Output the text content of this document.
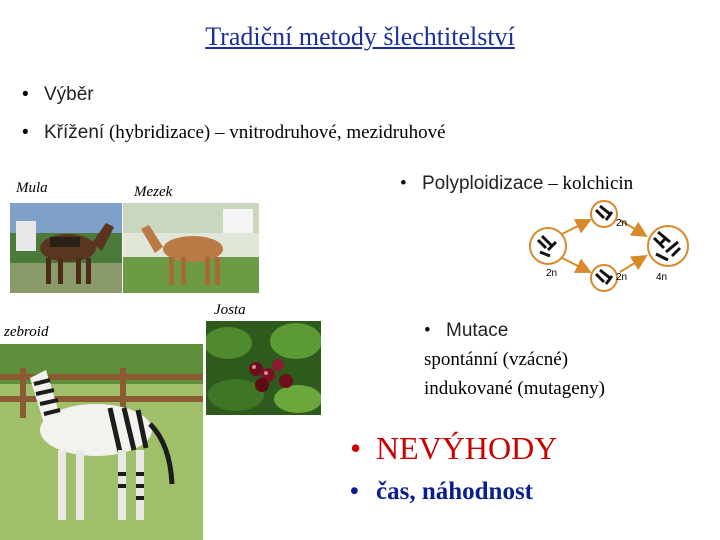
Tradiční metody šlechtitelství
• Výběr
• Křížení (hybridizace) – vnitrodruhové, mezidruhové
Mula	Mezek
Josta
zebroid
• Polyploidizace – kolchicin
2n
2n	2n	4n
• Mutace
spontánní (vzácné)
indukované (mutageny)
• NEVÝHODY
• čas, náhodnost
